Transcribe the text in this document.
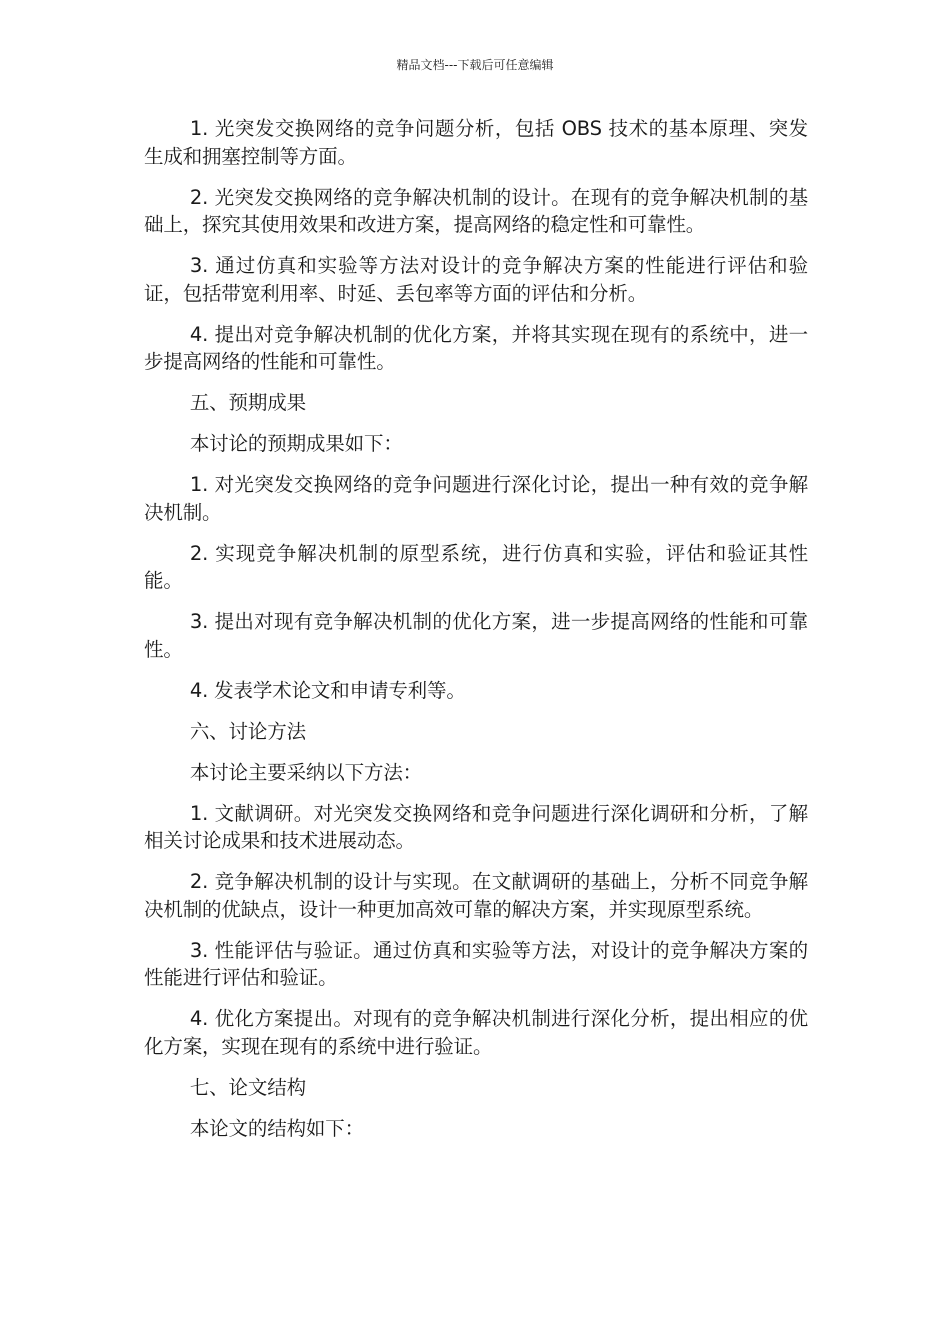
精品文档---下载后可任意编辑

1. 光突发交换网络的竞争问题分析，包括 OBS 技术的基本原理、突发生成和拥塞控制等方面。

2. 光突发交换网络的竞争解决机制的设计。在现有的竞争解决机制的基础上，探究其使用效果和改进方案，提高网络的稳定性和可靠性。

3. 通过仿真和实验等方法对设计的竞争解决方案的性能进行评估和验证，包括带宽利用率、时延、丢包率等方面的评估和分析。

4. 提出对竞争解决机制的优化方案，并将其实现在现有的系统中，进一步提高网络的性能和可靠性。

五、预期成果

本讨论的预期成果如下：

1. 对光突发交换网络的竞争问题进行深化讨论，提出一种有效的竞争解决机制。

2. 实现竞争解决机制的原型系统，进行仿真和实验，评估和验证其性能。

3. 提出对现有竞争解决机制的优化方案，进一步提高网络的性能和可靠性。

4. 发表学术论文和申请专利等。

六、讨论方法

本讨论主要采纳以下方法：

1. 文献调研。对光突发交换网络和竞争问题进行深化调研和分析，了解相关讨论成果和技术进展动态。

2. 竞争解决机制的设计与实现。在文献调研的基础上，分析不同竞争解决机制的优缺点，设计一种更加高效可靠的解决方案，并实现原型系统。

3. 性能评估与验证。通过仿真和实验等方法，对设计的竞争解决方案的性能进行评估和验证。

4. 优化方案提出。对现有的竞争解决机制进行深化分析，提出相应的优化方案，实现在现有的系统中进行验证。

七、论文结构

本论文的结构如下：
